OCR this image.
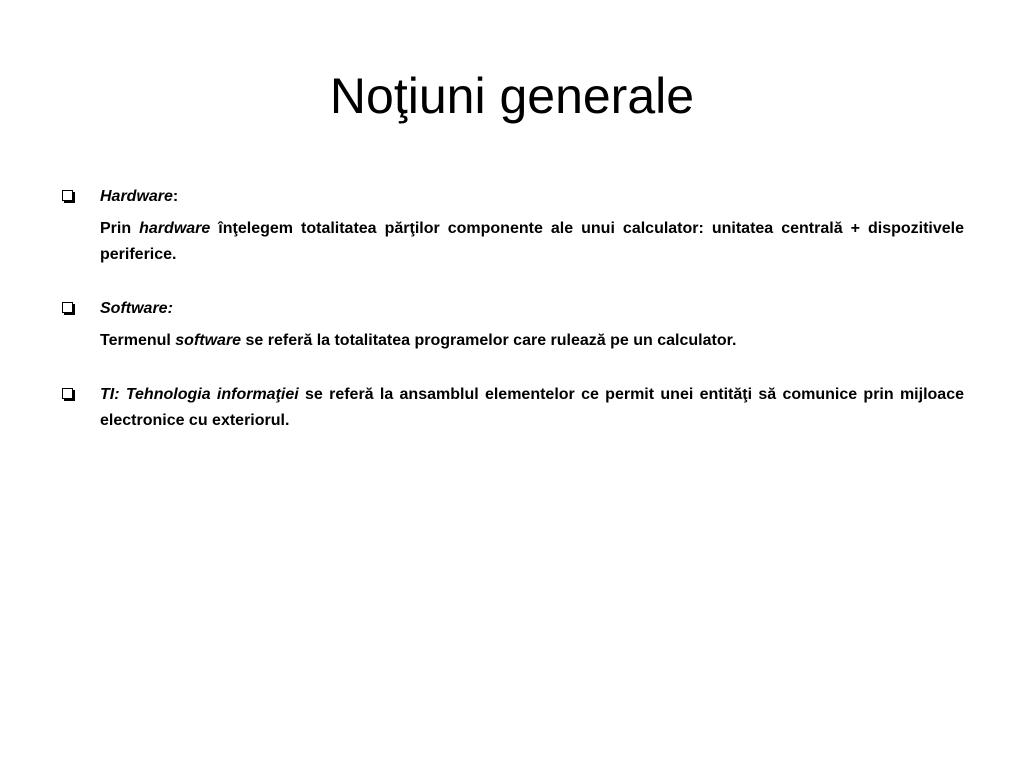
Noţiuni generale

Hardware:

Prin hardware înţelegem totalitatea părţilor componente ale unui calculator: unitatea centrală + dispozitivele periferice.

Software:

Termenul software se referă la totalitatea programelor care rulează pe un calculator.

TI: Tehnologia informaţiei se referă la ansamblul elementelor ce permit unei entităţi să comunice prin mijloace electronice cu exteriorul.
